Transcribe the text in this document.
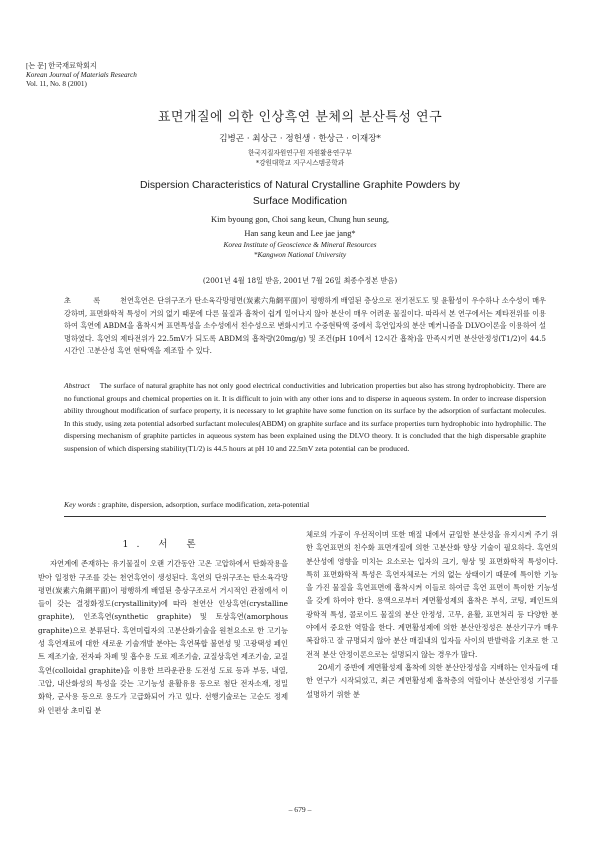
[논 문] 한국재료학회지
Korean Journal of Materials Research
Vol. 11, No. 8 (2001)
표면개질에 의한 인상흑연 분체의 분산특성 연구
김병곤 · 최상근 · 정헌생 · 한상근 · 이재장*
한국지질자원연구원 자원활용연구부
*강원대학교 지구시스템공학과
Dispersion Characteristics of Natural Crystalline Graphite Powders by
Surface Modification
Kim byoung gon, Choi sang keun, Chung hun seung,
Han sang keun and Lee jae jang*
Korea Institute of Geoscience & Mineral Resources
*Kangwon National University
(2001년 4월 18일 받음, 2001년 7월 26일 최종수정본 받음)
초 록 천연흑연은 단위구조가 탄소육각망평면(炭素六角網平面)이 평행하게 배열된 층상으로 전기전도도 및 윤활성이 우수하나 소수성이 매우 강하며, 표면화학적 특성이 거의 없기 때문에 다른 물질과 흡착이 쉽게 일어나지 않아 분산이 매우 어려운 물질이다. 따라서 본 연구에서는 제타전위를 이용하여 흑연에 ABDM을 흡착시켜 표면특성을 소수성에서 친수성으로 변화시키고 수중현탁액 중에서 흑연입자의 분산 메커니즘을 DLVO이론을 이용하여 설명하였다. 흑연의 제타전위가 22.5mV가 되도록 ABDM의 흡착량(20mg/g) 및 조건(pH 10에서 12시간 흡착)을 만족시키면 분산안정성(T1/2)이 44.5시간인 고분산성 흑연 현탁액을 제조할 수 있다.
Abstract The surface of natural graphite has not only good electrical conductivities and lubrication properties but also has strong hydrophobicity. There are no functional groups and chemical properties on it. It is difficult to join with any other ions and to disperse in aqueous system. In order to increase dispersion ability throughout modification of surface property, it is necessary to let graphite have some function on its surface by the adsorption of surfactant molecules. In this study, using zeta potential adsorbed surfactant molecules(ABDM) on graphite surface and its surface properties turn hydrophobic into hydrophilic. The dispersing mechanism of graphite particles in aqueous system has been explained using the DLVO theory. It is concluded that the high dispersable graphite suspension of which dispersing stability(T1/2) is 44.5 hours at pH 10 and 22.5mV zeta potential can be produced.
Key words : graphite, dispersion, adsorption, surface modification, zeta-potential
1. 서 론

자연계에 존재하는 유기물질이 오랜 기간동안 고온 고압하에서 탄화작용을 받아 일정한 구조를 갖는 천연흑연이 생성된다. 흑연의 단위구조는 탄소육각망평면(炭素六角網平面)이 평행하게 배열된 층상구조로서 거시적인 관점에서 이들이 갖는 결정화정도(crystallinity)에 따라 천연산 인상흑연(crystalline graphite), 인조흑연(synthetic graphite) 및 토상흑연(amorphous graphite)으로 분류된다. 흑연미립자의 고분산화기술을 원천요소로 한 고기능성 흑연재료에 대한 새로운 기술개발 분야는 흑연복합 불연성 및 고광택성 페인트 제조기술, 전자파 차폐 및 흡수용 도료 제조기술, 교질상흑연 제조기술, 교질흑연(colloidal graphite)을 이용한 브라운관용 도전성 도료 등과 부동, 내열, 고압, 내산화성의 특성을 갖는 고기능성 윤활유용 등으로 첨단 전자소재, 정밀화학, 군사용 등으로 용도가 고급화되어 가고 있다. 선행기술로는 고순도 정제와 인편상 초미립 분

체로의 가공이 우선적이며 또한 매질 내에서 균일한 분산성을 유지시켜 주기 위한 흑연표면의 친수화 표면개질에 의한 고분산화 향상 기술이 필요하다. 흑연의 분산성에 영향을 미치는 요소로는 입자의 크기, 형상 및 표면화학적 특성이다. 특히 표면화학적 특성은 흑연자체로는 거의 없는 상태이기 때문에 특이한 기능을 가진 물질을 흑연표면에 흡착시켜 이들로 하여금 흑연 표면이 특이한 기능성을 갖게 하여야 한다. 용액으로부터 계면활성제의 흡착은 부식, 코팅, 페인트의 광학적 특성, 콜로이드 물질의 분산 안정성, 고무, 윤활, 표면처리 등 다양한 분야에서 중요한 역할을 한다. 계면활성제에 의한 분산안정성은 분산기구가 매우 복잡하고 잘 규명되지 않아 분산 매질내의 입자들 사이의 반발력을 기초로 한 고전적 분산 안정이론으로는 설명되지 않는 경우가 많다.

20세기 중반에 계면활성제 흡착에 의한 분산안정성을 지배하는 인자들에 대한 연구가 시작되었고, 최근 계면활성제 흡착층의 역할이나 분산안정성 기구를 설명하기 위한 분

– 679 –
